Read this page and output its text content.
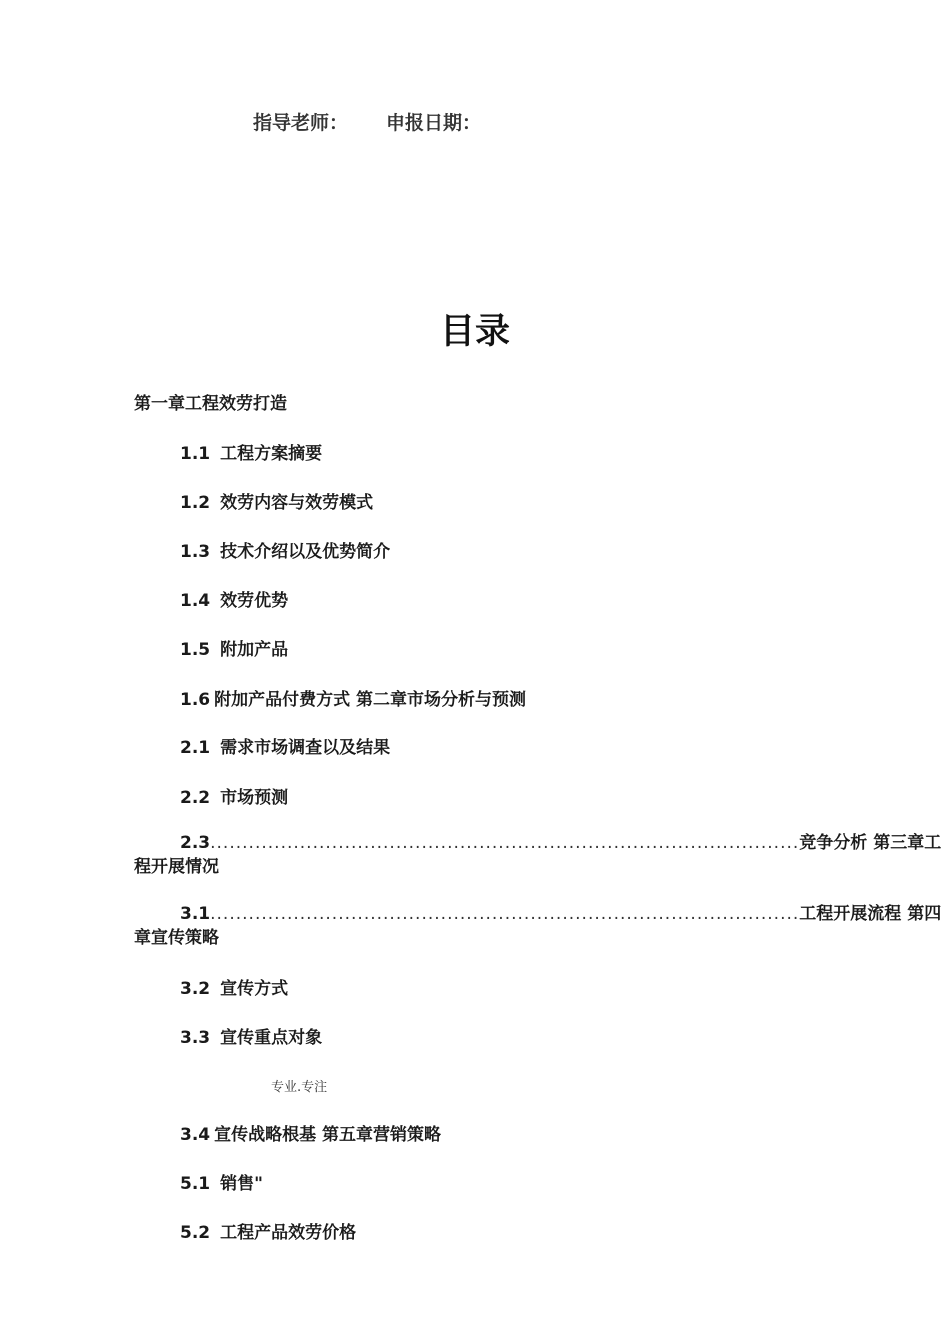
指导老师： 申报日期：
目录
第一章工程效劳打造
1.1 工程方案摘要
1.2 效劳内容与效劳模式
1.3 技术介绍以及优势简介
1.4 效劳优势
1.5 附加产品
1.6 附加产品付费方式 第二章市场分析与预测
2.1 需求市场调查以及结果
2.2 市场预测
2.3 ............................................................................................ 竞争分析 第三章工
程开展情况
3.1 ............................................................................................ 工程开展流程 第四
章宣传策略
3.2 宣传方式
3.3 宣传重点对象
专业.专注
3.4 宣传战略根基 第五章营销策略
5.1 销售"
5.2 工程产品效劳价格
